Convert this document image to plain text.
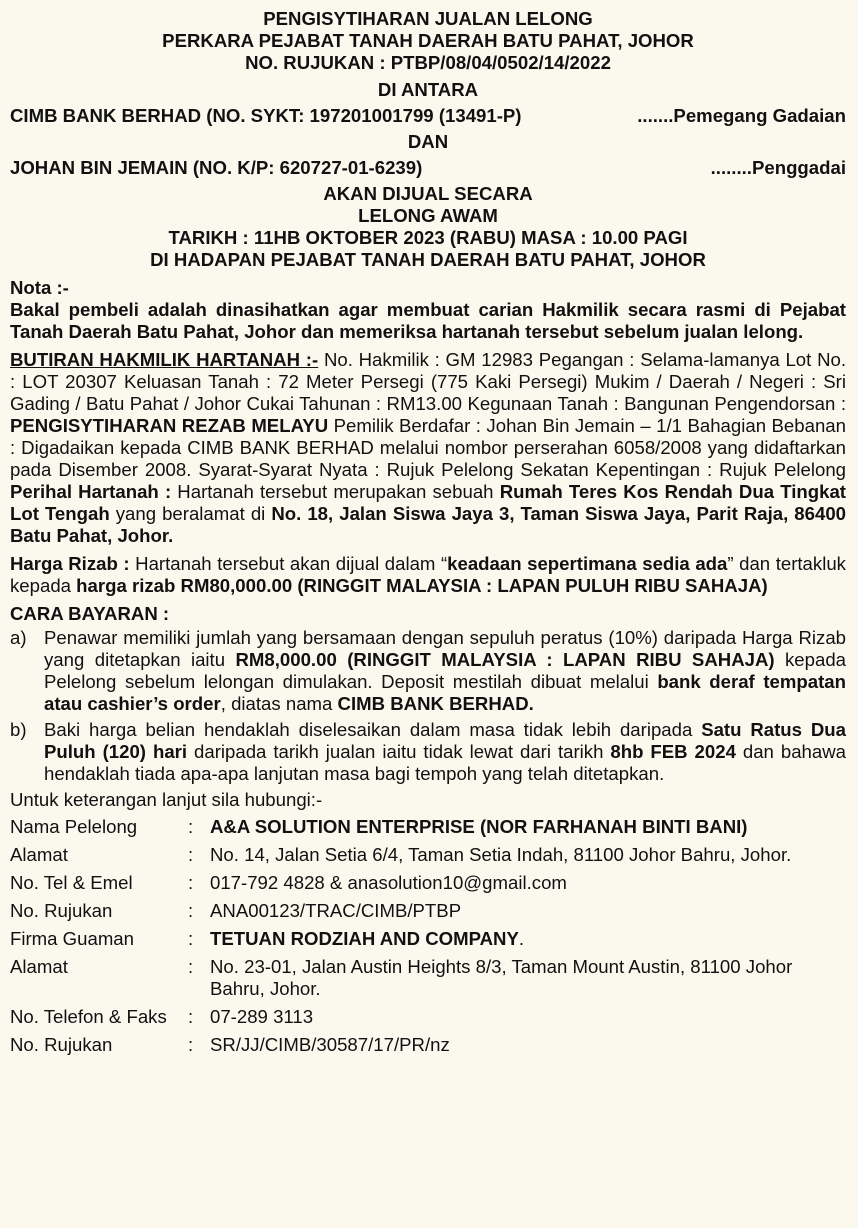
PENGISYTIHARAN JUALAN LELONG
PERKARA PEJABAT TANAH DAERAH BATU PAHAT, JOHOR
NO. RUJUKAN : PTBP/08/04/0502/14/2022
DI ANTARA
CIMB BANK BERHAD (NO. SYKT: 197201001799 (13491-P)	.......Pemegang Gadaian
DAN
JOHAN BIN JEMAIN (NO. K/P: 620727-01-6239)	........Penggadai
AKAN DIJUAL SECARA
LELONG AWAM
TARIKH : 11HB OKTOBER 2023 (RABU) MASA : 10.00 PAGI
DI HADAPAN PEJABAT TANAH DAERAH BATU PAHAT, JOHOR
Nota :-
Bakal pembeli adalah dinasihatkan agar membuat carian Hakmilik secara rasmi di Pejabat Tanah Daerah Batu Pahat, Johor dan memeriksa hartanah tersebut sebelum jualan lelong.
BUTIRAN HAKMILIK HARTANAH :- No. Hakmilik : GM 12983 Pegangan : Selama-lamanya Lot No. : LOT 20307 Keluasan Tanah : 72 Meter Persegi (775 Kaki Persegi) Mukim / Daerah / Negeri : Sri Gading / Batu Pahat / Johor Cukai Tahunan : RM13.00 Kegunaan Tanah : Bangunan Pengendorsan : PENGISYTIHARAN REZAB MELAYU Pemilik Berdafar : Johan Bin Jemain – 1/1 Bahagian Bebanan : Digadaikan kepada CIMB BANK BERHAD melalui nombor perserahan 6058/2008 yang didaftarkan pada Disember 2008. Syarat-Syarat Nyata : Rujuk Pelelong Sekatan Kepentingan : Rujuk Pelelong Perihal Hartanah : Hartanah tersebut merupakan sebuah Rumah Teres Kos Rendah Dua Tingkat Lot Tengah yang beralamat di No. 18, Jalan Siswa Jaya 3, Taman Siswa Jaya, Parit Raja, 86400 Batu Pahat, Johor.
Harga Rizab : Hartanah tersebut akan dijual dalam “keadaan sepertimana sedia ada” dan tertakluk kepada harga rizab RM80,000.00 (RINGGIT MALAYSIA : LAPAN PULUH RIBU SAHAJA)
CARA BAYARAN :
a) Penawar memiliki jumlah yang bersamaan dengan sepuluh peratus (10%) daripada Harga Rizab yang ditetapkan iaitu RM8,000.00 (RINGGIT MALAYSIA : LAPAN RIBU SAHAJA) kepada Pelelong sebelum lelongan dimulakan. Deposit mestilah dibuat melalui bank deraf tempatan atau cashier’s order, diatas nama CIMB BANK BERHAD.
b) Baki harga belian hendaklah diselesaikan dalam masa tidak lebih daripada Satu Ratus Dua Puluh (120) hari daripada tarikh jualan iaitu tidak lewat dari tarikh 8hb FEB 2024 dan bahawa hendaklah tiada apa-apa lanjutan masa bagi tempoh yang telah ditetapkan.
Untuk keterangan lanjut sila hubungi:-
Nama Pelelong	:	A&A SOLUTION ENTERPRISE (NOR FARHANAH BINTI BANI)
Alamat	:	No. 14, Jalan Setia 6/4, Taman Setia Indah, 81100 Johor Bahru, Johor.
No. Tel & Emel	:	017-792 4828 & anasolution10@gmail.com
No. Rujukan	:	ANA00123/TRAC/CIMB/PTBP
Firma Guaman	:	TETUAN RODZIAH AND COMPANY.
Alamat	:	No. 23-01, Jalan Austin Heights 8/3, Taman Mount Austin, 81100 Johor Bahru, Johor.
No. Telefon & Faks	:	07-289 3113
No. Rujukan	:	SR/JJ/CIMB/30587/17/PR/nz
